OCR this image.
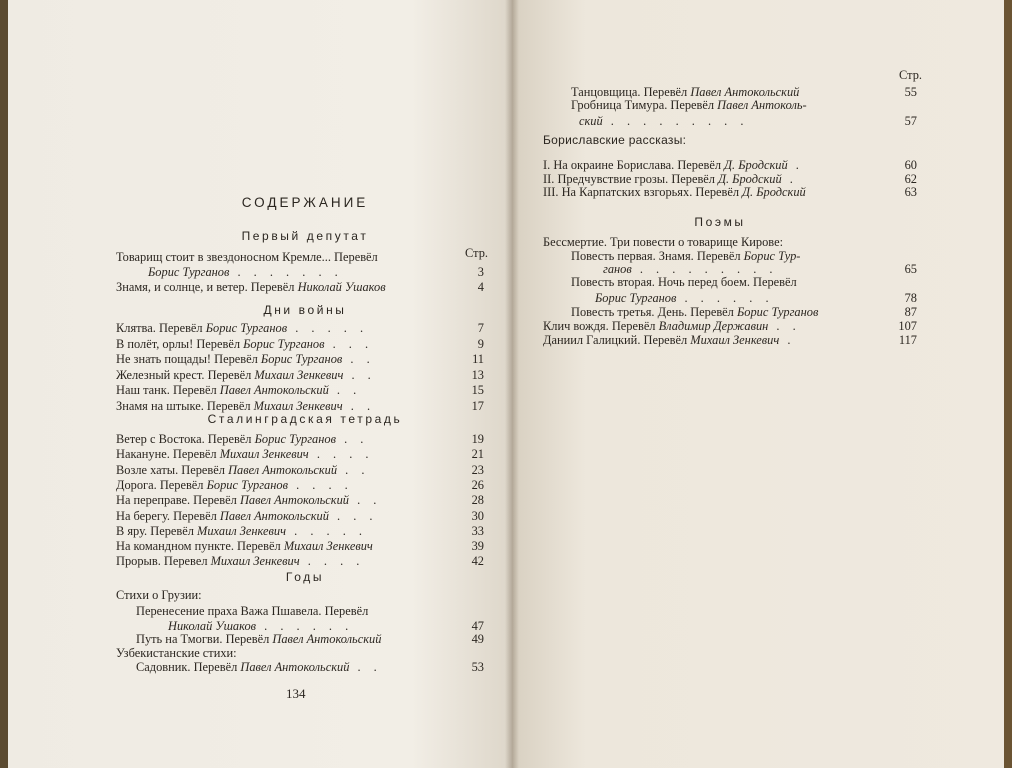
СОДЕРЖАНИЕ
Первый депутат
Дни войны
Сталинградская тетрадь
Годы
Стр.
Стр.
Товарищ стоит в звездоносном Кремле... Перевёл
Борис Турганов . . . . . . .	3
Знамя, и солнце, и ветер. Перевёл Николай Ушаков	4
Клятва. Перевёл Борис Турганов . . . . .	7
В полёт, орлы! Перевёл Борис Турганов . . .	9
Не знать пощады! Перевёл Борис Турганов . .	11
Железный крест. Перевёл Михаил Зенкевич . .	13
Наш танк. Перевёл Павел Антокольский . .	15
Знамя на штыке. Перевёл Михаил Зенкевич . .	17
Ветер с Востока. Перевёл Борис Турганов . .	19
Накануне. Перевёл Михаил Зенкевич . . . .	21
Возле хаты. Перевёл Павел Антокольский . .	23
Дорога. Перевёл Борис Турганов . . . .	26
На переправе. Перевёл Павел Антокольский . .	28
На берегу. Перевёл Павел Антокольский . . .	30
В яру. Перевёл Михаил Зенкевич . . . . .	33
На командном пункте. Перевёл Михаил Зенкевич	39
Прорыв. Перевел Михаил Зенкевич . . . .	42
Стихи о Грузии:
Перенесение праха Важа Пшавела. Перевёл
Николай Ушаков . . . . . .	47
Путь на Тмогви. Перевёл Павел Антокольский	49
Узбекистанские стихи:
Садовник. Перевёл Павел Антокольский . .	53
Танцовщица. Перевёл Павел Антокольский	55
Гробница Тимура. Перевёл Павел Антоколь-
ский . . . . . . . . .	57
I. На окраине Борислава. Перевёл Д. Бродский .	60
II. Предчувствие грозы. Перевёл Д. Бродский .	62
III. На Карпатских взгорьях. Перевёл Д. Бродский	63
Бессмертие. Три повести о товарище Кирове:
Повесть первая. Знамя. Перевёл Борис Тур-
ганов . . . . . . . . .	65
Повесть вторая. Ночь перед боем. Перевёл
Борис Турганов . . . . . .	78
Повесть третья. День. Перевёл Борис Турганов	87
Клич вождя. Перевёл Владимир Державин . .	107
Даниил Галицкий. Перевёл Михаил Зенкевич .	117
Бориславские рассказы:
Поэмы
134
